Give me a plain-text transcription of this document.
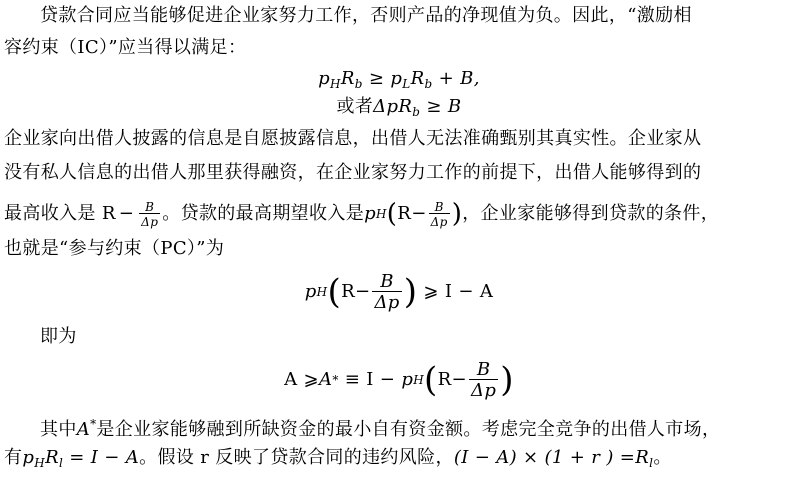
贷款合同应当能够促进企业家努力工作，否则产品的净现值为负。因此，“激励相
容约束（IC）”应当得以满足：
$p_HR_b \ge p_LR_b + B$,
或者ΔpR$_b$ ≥ B
企业家向出借人披露的信息是自愿披露信息，出借人无法准确甄别其真实性。企业家从
没有私人信息的出借人那里获得融资，在企业家努力工作的前提下，出借人能够得到的
最高收入是 $R - \frac{B}{\Delta p}$ 。贷款的最高期望收入是 p H ( $R- \frac{B}{\Delta p}$ ) ，企业家能够得到贷款的条件，
也就是“参与约束（PC）”为
p H ( $R- \frac{B}{\Delta p}$ ) ⩾ I − A
即为
A ⩾ A * ≡ I − p H ( $R- \frac{B}{\Delta p}$ )
其中A*是企业家能够融到所缺资金的最小自有资金额。考虑完全竞争的出借人市场，
有$p_HR_l = I - A$。假设 r 反映了贷款合同的违约风险，(I − A) × (1 + r ) $=R_l$。
